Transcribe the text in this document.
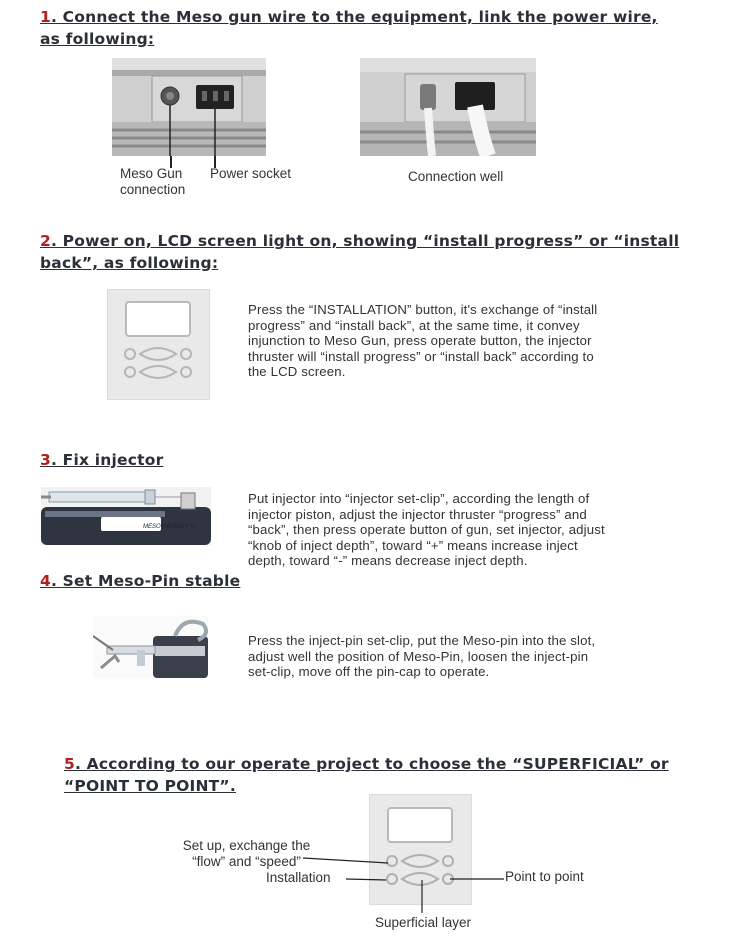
1. Connect the Meso gun wire to the equipment, link the power wire,
as following:
Meso Gun
connection
Power socket	Connection well
2. Power on, LCD screen light on, showing “install progress” or “install
back”, as following:
Press the “INSTALLATION” button, it's exchange of “install
progress” and “install back”, at the same time, it convey
injunction to Meso Gun, press operate button, the injector
thruster will “install progress” or “install back” according to
the LCD screen.
3. Fix injector
MESOTHERAPY G
Put injector into “injector set-clip”, according the length of
injector piston, adjust the injector thruster “progress” and
“back”, then press operate button of gun, set injector, adjust
“knob of inject depth”, toward “+” means increase inject
depth, toward “-” means decrease inject depth.
4. Set Meso-Pin stable
Press the inject-pin set-clip, put the Meso-pin into the slot,
adjust well the position of Meso-Pin, loosen the inject-pin
set-clip, move off the pin-cap to operate.
5. According to our operate project to choose the “SUPERFICIAL” or
“POINT TO POINT”.
Set up, exchange the
“flow” and “speed”
Installation	Point to point
Superficial layer
